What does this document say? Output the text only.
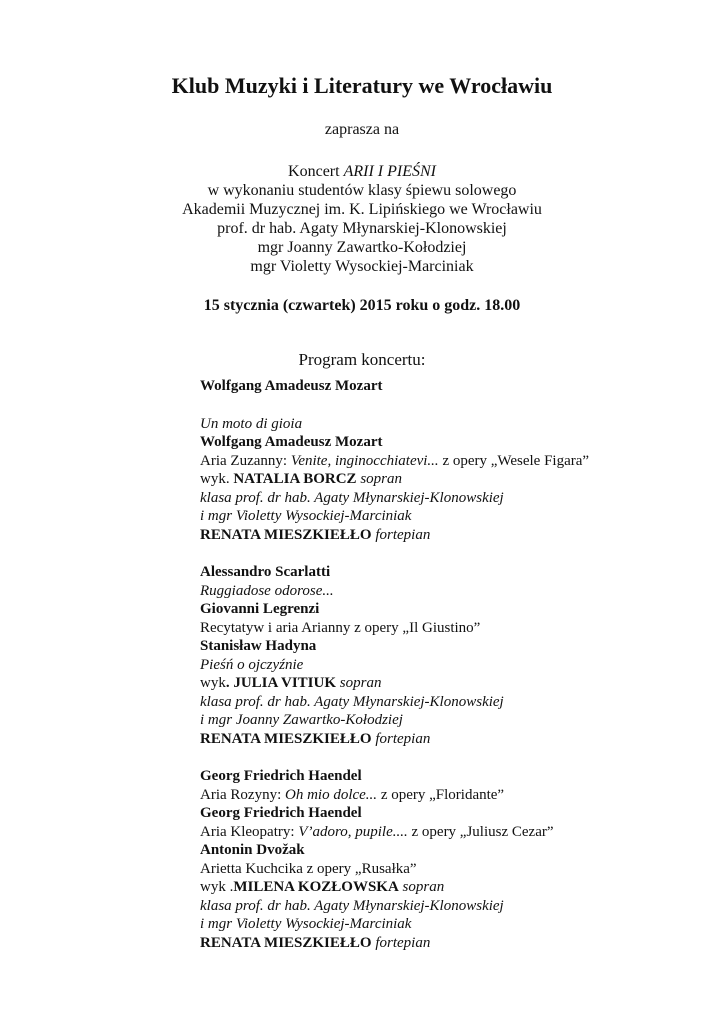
Klub Muzyki i Literatury we Wrocławiu
zaprasza na
Koncert ARII I PIEŚNI
w wykonaniu studentów klasy śpiewu solowego
Akademii Muzycznej im. K. Lipińskiego we Wrocławiu
prof. dr hab. Agaty Młynarskiej-Klonowskiej
mgr Joanny Zawartko-Kołodziej
mgr Violetty Wysockiej-Marciniak
15 stycznia (czwartek) 2015 roku o godz. 18.00
Program koncertu:
Wolfgang Amadeusz Mozart
Un moto di gioia
Wolfgang Amadeusz Mozart
Aria Zuzanny: Venite, inginocchiatevi... z opery „Wesele Figara”
wyk. NATALIA BORCZ sopran
klasa prof. dr hab. Agaty Młynarskiej-Klonowskiej
i mgr Violetty Wysockiej-Marciniak
RENATA MIESZKIEŁŁO fortepian
Alessandro Scarlatti
Ruggiadose odorose...
Giovanni Legrenzi
Recytatyw i aria Arianny z opery „Il Giustino”
Stanisław Hadyna
Pieśń o ojczyźnie
wyk. JULIA VITIUK sopran
klasa prof. dr hab. Agaty Młynarskiej-Klonowskiej
i mgr Joanny Zawartko-Kołodziej
RENATA MIESZKIEŁŁO fortepian
Georg Friedrich Haendel
Aria Rozyny: Oh mio dolce... z opery „Floridante”
Georg Friedrich Haendel
Aria Kleopatry: V’adoro, pupile.... z opery „Juliusz Cezar”
Antonin Dvožak
Arietta Kuchcika z opery „Rusałka”
wyk .MILENA KOZŁOWSKA sopran
klasa prof. dr hab. Agaty Młynarskiej-Klonowskiej
i mgr Violetty Wysockiej-Marciniak
RENATA MIESZKIEŁŁO fortepian
